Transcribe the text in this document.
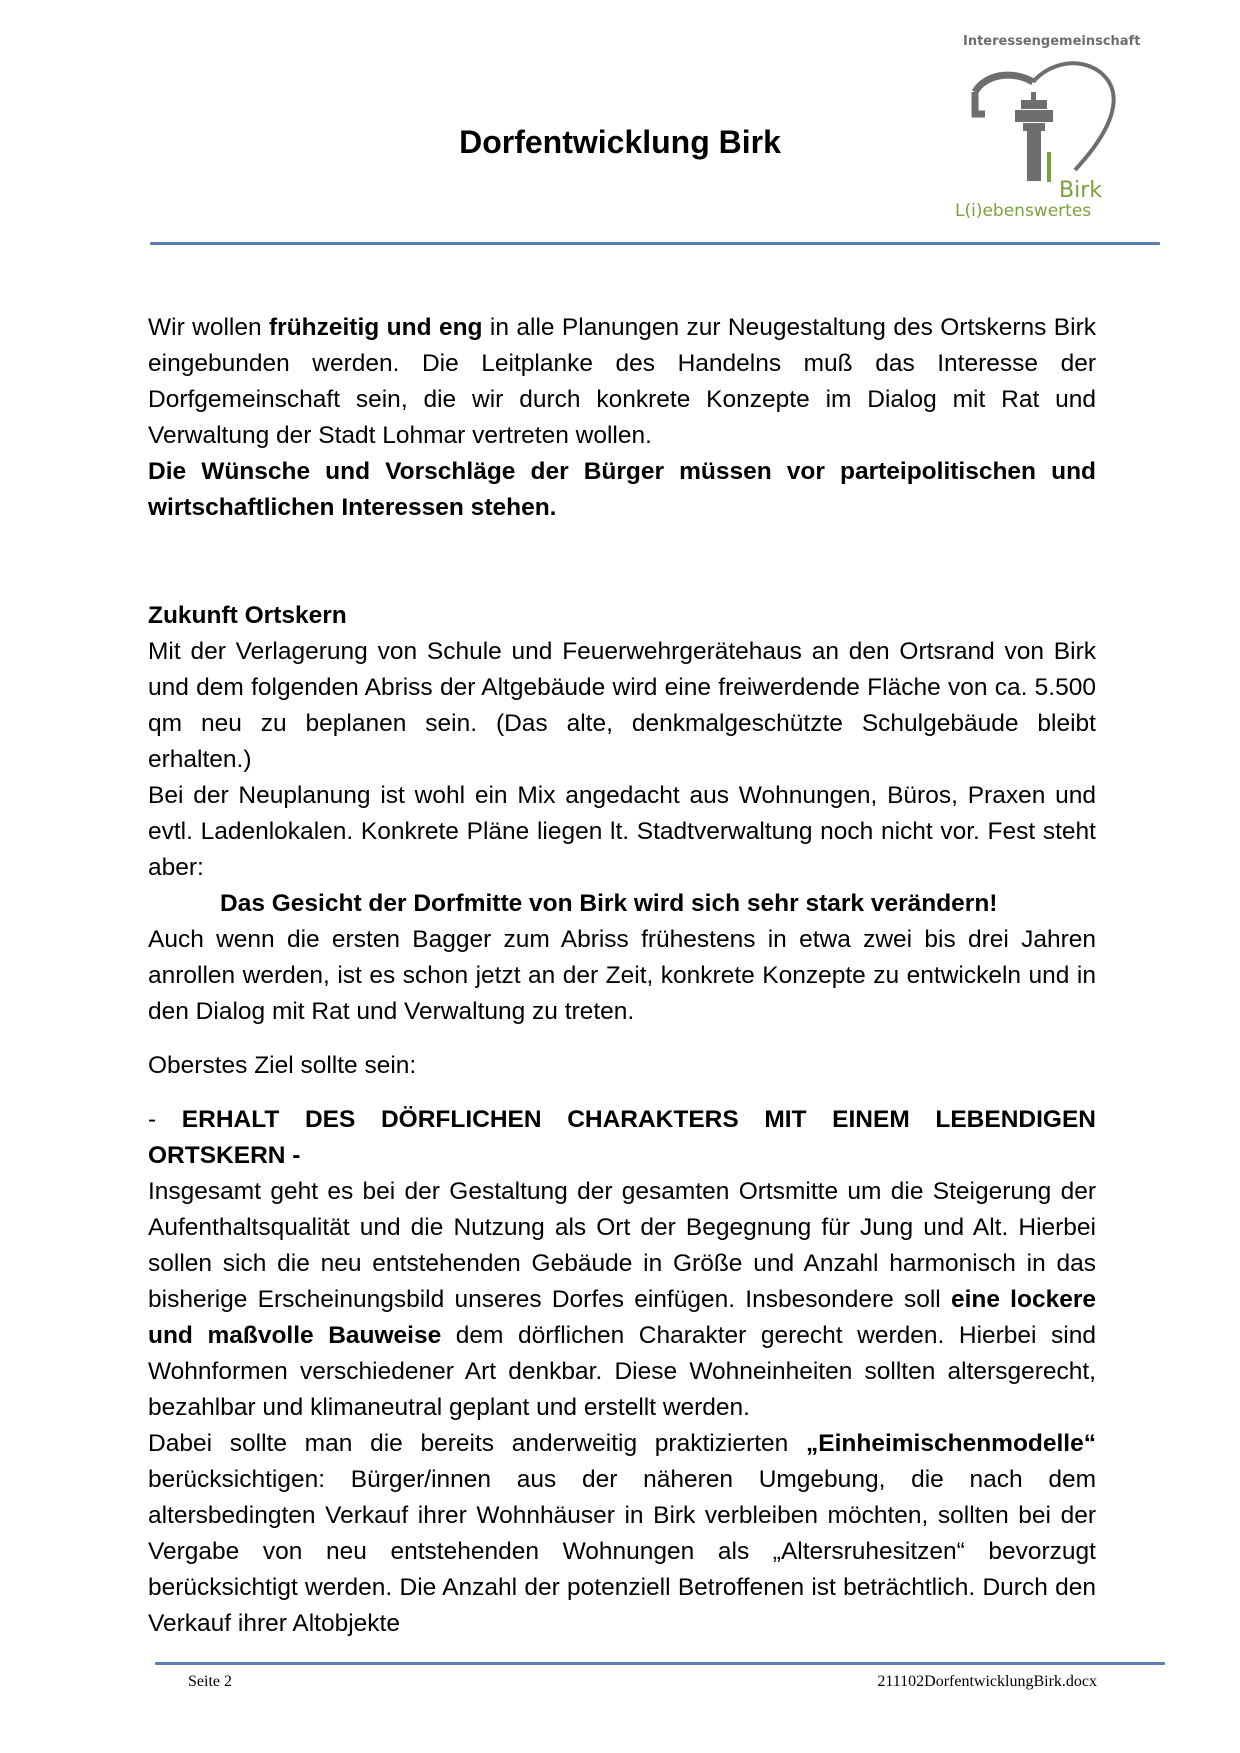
Dorfentwicklung Birk
Interessengemeinschaft
Birk
L(i)ebenswertes

Wir wollen frühzeitig und eng in alle Planungen zur Neugestaltung des Ortskerns Birk eingebunden werden. Die Leitplanke des Handelns muß das Interesse der Dorfgemeinschaft sein, die wir durch konkrete Konzepte im Dialog mit Rat und Verwaltung der Stadt Lohmar vertreten wollen.

Die Wünsche und Vorschläge der Bürger müssen vor parteipolitischen und wirtschaftlichen Interessen stehen.

Zukunft Ortskern

Mit der Verlagerung von Schule und Feuerwehrgerätehaus an den Ortsrand von Birk und dem folgenden Abriss der Altgebäude wird eine freiwerdende Fläche von ca. 5.500 qm neu zu beplanen sein. (Das alte, denkmalgeschützte Schulgebäude bleibt erhalten.)

Bei der Neuplanung ist wohl ein Mix angedacht aus Wohnungen, Büros, Praxen und evtl. Ladenlokalen. Konkrete Pläne liegen lt. Stadtverwaltung noch nicht vor. Fest steht aber:

Das Gesicht der Dorfmitte von Birk wird sich sehr stark verändern!

Auch wenn die ersten Bagger zum Abriss frühestens in etwa zwei bis drei Jahren anrollen werden, ist es schon jetzt an der Zeit, konkrete Konzepte zu entwickeln und in den Dialog mit Rat und Verwaltung zu treten.

Oberstes Ziel sollte sein:

- ERHALT DES DÖRFLICHEN CHARAKTERS MIT EINEM LEBENDIGEN ORTSKERN -

Insgesamt geht es bei der Gestaltung der gesamten Ortsmitte um die Steigerung der Aufenthaltsqualität und die Nutzung als Ort der Begegnung für Jung und Alt. Hierbei sollen sich die neu entstehenden Gebäude in Größe und Anzahl harmonisch in das bisherige Erscheinungsbild unseres Dorfes einfügen. Insbesondere soll eine lockere und maßvolle Bauweise dem dörflichen Charakter gerecht werden. Hierbei sind Wohnformen verschiedener Art denkbar. Diese Wohneinheiten sollten altersgerecht, bezahlbar und klimaneutral geplant und erstellt werden.

Dabei sollte man die bereits anderweitig praktizierten „Einheimischenmodelle“ berücksichtigen: Bürger/innen aus der näheren Umgebung, die nach dem altersbedingten Verkauf ihrer Wohnhäuser in Birk verbleiben möchten, sollten bei der Vergabe von neu entstehenden Wohnungen als „Altersruhesitzen“ bevorzugt berücksichtigt werden. Die Anzahl der potenziell Betroffenen ist beträchtlich. Durch den Verkauf ihrer Altobjekte

Seite 2	211102DorfentwicklungBirk.docx
